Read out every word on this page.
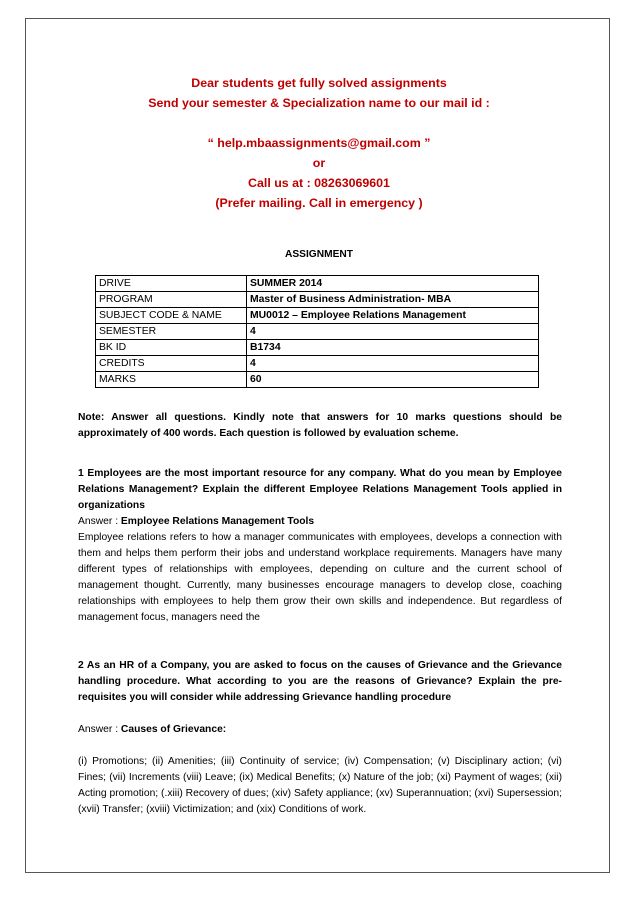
Dear students get fully solved assignments
Send your semester & Specialization name to our mail id :
“ help.mbaassignments@gmail.com ”
or
Call us at : 08263069601
(Prefer mailing. Call in emergency )
ASSIGNMENT
DRIVE	SUMMER 2014
PROGRAM	Master of Business Administration- MBA
SUBJECT CODE & NAME	MU0012 – Employee Relations Management
SEMESTER	4
BK ID	B1734
CREDITS	4
MARKS	60
Note: Answer all questions. Kindly note that answers for 10 marks questions should be approximately of 400 words. Each question is followed by evaluation scheme.
1 Employees are the most important resource for any company. What do you mean by Employee Relations Management? Explain the different Employee Relations Management Tools applied in organizations
Answer : Employee Relations Management Tools
Employee relations refers to how a manager communicates with employees, develops a connection with them and helps them perform their jobs and understand workplace requirements. Managers have many different types of relationships with employees, depending on culture and the current school of management thought. Currently, many businesses encourage managers to develop close, coaching relationships with employees to help them grow their own skills and independence. But regardless of management focus, managers need the
2 As an HR of a Company, you are asked to focus on the causes of Grievance and the Grievance handling procedure. What according to you are the reasons of Grievance? Explain the pre-requisites you will consider while addressing Grievance handling procedure
Answer : Causes of Grievance:
(i) Promotions; (ii) Amenities; (iii) Continuity of service; (iv) Compensation; (v) Disciplinary action; (vi) Fines; (vii) Increments (viii) Leave; (ix) Medical Benefits; (x) Nature of the job; (xi) Payment of wages; (xii) Acting promotion; (.xiii) Recovery of dues; (xiv) Safety appliance; (xv) Superannuation; (xvi) Supersession; (xvii) Transfer; (xviii) Victimization; and (xix) Conditions of work.
